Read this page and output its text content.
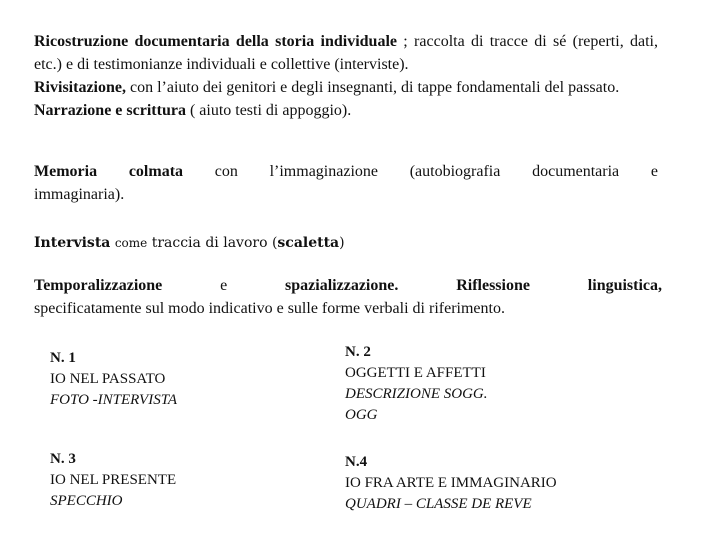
Ricostruzione documentaria della storia individuale ; raccolta di tracce di sé (reperti, dati, etc.) e di testimonianze individuali e collettive (interviste).
Rivisitazione, con l’aiuto dei genitori e degli insegnanti, di tappe fondamentali del passato.
Narrazione e scrittura ( aiuto testi di appoggio).
Memoria colmata con l’immaginazione (autobiografia documentaria e
immaginaria).
Intervista come traccia di lavoro (scaletta)
Temporalizzazione	e	spazializzazione.	Riflessione	linguistica,
specificatamente sul modo indicativo e sulle forme verbali di riferimento.
N. 1
IO NEL PASSATO
FOTO -INTERVISTA
N. 2
OGGETTI E AFFETTI
DESCRIZIONE SOGG.
OGG
N. 3
IO NEL PRESENTE
SPECCHIO
N.4
IO FRA ARTE E IMMAGINARIO
QUADRI – CLASSE DE REVE
